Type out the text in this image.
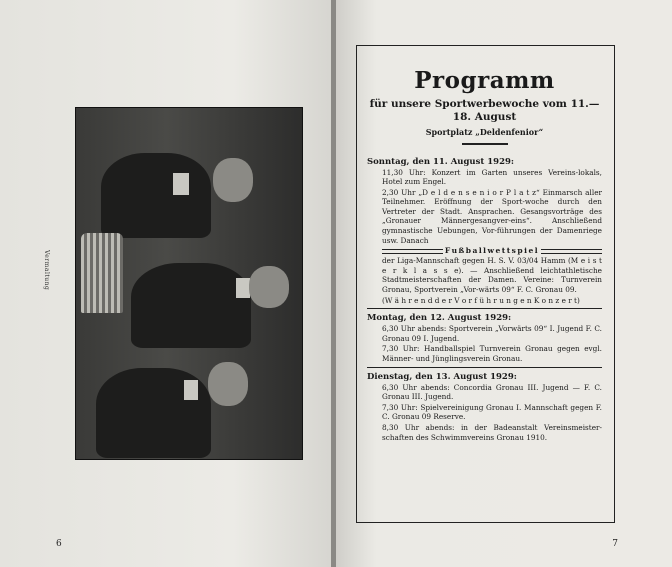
Vermaltung
6	7
Programm
für unsere Sportwerbewoche vom 11.—18. August
Sportplatz „Deldenfenior“
Sonntag, den 11. August 1929:

11,30 Uhr: Konzert im Garten unseres Vereins-lokals, Hotel zum Engel.

2,30 Uhr „D e l d e n s e n i o r P l a t z“ Einmarsch aller Teilnehmer. Eröffnung der Sport-woche durch den Vertreter der Stadt. Ansprachen. Gesangsvorträge des „Gronauer Männergesangver-eins“. Anschließend gymnastische Uebungen, Vor-führungen der Damenriege usw. Danach

Fußballwettspiel

der Liga-Mannschaft gegen H. S. V. 03/04 Hamm (M e i s t e r k l a s s e). — Anschließend leichtathletische Stadtmeisterschaften der Damen. Vereine: Turnverein Gronau, Sportverein „Vor-wärts 09“ F. C. Gronau 09.

(W ä h r e n d d e r V o r f ü h r u n g e n K o n z e r t)

Montag, den 12. August 1929:

6,30 Uhr abends: Sportverein „Vorwärts 09“ I. Jugend F. C. Gronau 09 I. Jugend.

7,30 Uhr: Handballspiel Turnverein Gronau gegen evgl. Männer- und Jünglingsverein Gronau.

Dienstag, den 13. August 1929:

6,30 Uhr abends: Concordia Gronau III. Jugend — F. C. Gronau III. Jugend.

7,30 Uhr: Spielvereinigung Gronau I. Mannschaft gegen F. C. Gronau 09 Reserve.

8,30 Uhr abends: in der Badeanstalt Vereinsmeister-schaften des Schwimmvereins Gronau 1910.
